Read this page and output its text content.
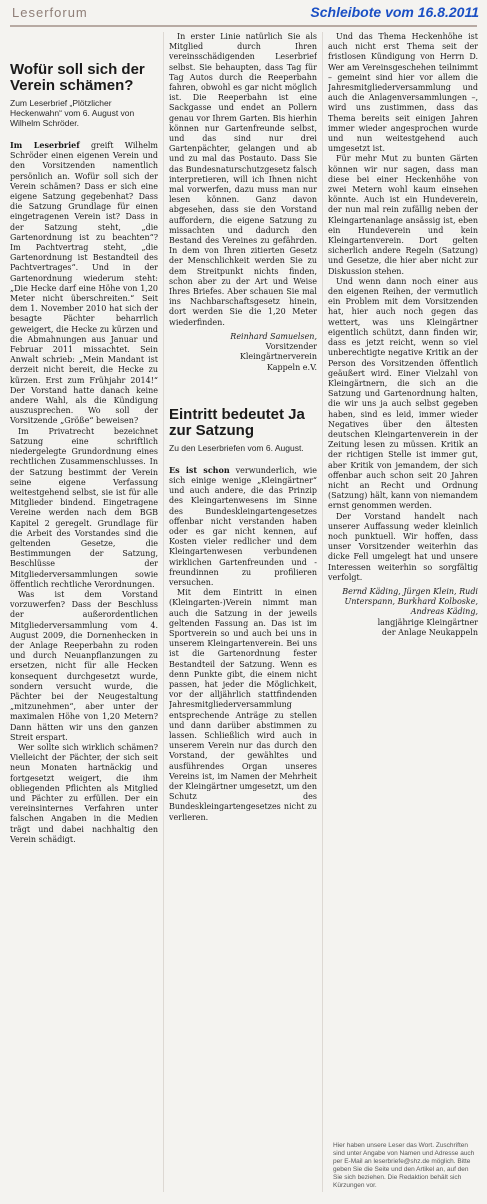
Leserforum	Schleibote vom 16.8.2011
Wofür soll sich der Verein schämen?
Zum Leserbrief „Plötzlicher Heckenwahn“ vom 6. August von Wilhelm Schröder.

Im Leserbrief greift Wilhelm Schröder einen eigenen Verein und den Vorsitzenden namentlich persönlich an. Wofür soll sich der Verein schämen? Dass er sich eine eigene Satzung gegebenhat? Dass die Satzung Grundlage für einen eingetragenen Verein ist? Dass in der Satzung steht, „die Gartenordnung ist zu beachten“? Im Pachtvertrag steht, „die Gartenordnung ist Bestandteil des Pachtvertrages“. Und in der Gartenordnung wiederum steht: „Die Hecke darf eine Höhe von 1,20 Meter nicht überschreiten.“ Seit dem 1. November 2010 hat sich der besagte Pächter beharrlich geweigert, die Hecke zu kürzen und die Abmahnungen aus Januar und Februar 2011 missachtet. Sein Anwalt schrieb: „Mein Mandant ist derzeit nicht bereit, die Hecke zu kürzen. Erst zum Frühjahr 2014!“ Der Vorstand hatte danach keine andere Wahl, als die Kündigung auszusprechen. Wo soll der Vorsitzende „Größe“ beweisen?

Im Privatrecht bezeichnet Satzung eine schriftlich niedergelegte Grundordnung eines rechtlichen Zusammenschlusses. In der Satzung bestimmt der Verein seine eigene Verfassung weitestgehend selbst, sie ist für alle Mitglieder bindend. Eingetragene Vereine werden nach dem BGB Kapitel 2 geregelt. Grundlage für die Arbeit des Vorstandes sind die geltenden Gesetze, die Bestimmungen der Satzung, Beschlüsse der Mitgliederversammlungen sowie öffentlich rechtliche Verordnungen.

Was ist dem Vorstand vorzuwerfen? Dass der Beschluss der außerordentlichen Mitgliederversammlung vom 4. August 2009, die Dornenhecken in der Anlage Reeperbahn zu roden und durch Neuanpflanzungen zu ersetzen, nicht für alle Hecken konsequent durchgesetzt wurde, sondern versucht wurde, die Pächter bei der Neugestaltung „mitzunehmen“, aber unter der maximalen Höhe von 1,20 Metern? Dann hätten wir uns den ganzen Streit erspart.

Wer sollte sich wirklich schämen? Vielleicht der Pächter, der sich seit neun Monaten hartnäckig und fortgesetzt weigert, die ihm obliegenden Pflichten als Mitglied und Pächter zu erfüllen. Der ein vereinsinternes Verfahren unter falschen Angaben in die Medien trägt und dabei nachhaltig den Verein schädigt.

In erster Linie natürlich Sie als Mitglied durch Ihren vereinsschädigenden Leserbrief selbst. Sie behaupten, dass Tag für Tag Autos durch die Reeperbahn fahren, obwohl es gar nicht möglich ist. Die Reeperbahn ist eine Sackgasse und endet an Pollern genau vor Ihrem Garten. Bis hierhin können nur Gartenfreunde selbst, und das sind nur drei Gartenpächter, gelangen und ab und zu mal das Postauto. Dass Sie das Bundesnaturschutzgesetz falsch interpretieren, will ich Ihnen nicht mal vorwerfen, dazu muss man nur lesen können. Ganz davon abgesehen, dass sie den Vorstand auffordern, die eigene Satzung zu missachten und dadurch den Bestand des Vereines zu gefährden. In dem von Ihren zitierten Gesetz der Menschlichkeit werden Sie zu dem Streitpunkt nichts finden, schon aber zu der Art und Weise Ihres Briefes. Aber schauen Sie mal ins Nachbarschaftsgesetz hinein, dort werden Sie die 1,20 Meter wiederfinden.

Reinhard Samuelsen,

Vorsitzender

Kleingärtnerverein

Kappeln e.V.

Eintritt bedeutet Ja zur Satzung
Zu den Leserbriefen vom 6. August.

Es ist schon verwunderlich, wie sich einige wenige „Kleingärtner“ und auch andere, die das Prinzip des Kleingartenwesens im Sinne des Bundeskleingartengesetzes offenbar nicht verstanden haben oder es gar nicht kennen, auf Kosten vieler redlicher und dem Kleingartenwesen verbundenen wirklichen Gartenfreunden und -freundinnen zu profilieren versuchen.

Mit dem Eintritt in einen (Kleingarten-)Verein nimmt man auch die Satzung in der jeweils geltenden Fassung an. Das ist im Sportverein so und auch bei uns in unserem Kleingartenverein. Bei uns ist die Gartenordnung fester Bestandteil der Satzung. Wenn es denn Punkte gibt, die einem nicht passen, hat jeder die Möglichkeit, vor der alljährlich stattfindenden Jahresmitgliederversammlung entsprechende Anträge zu stellen und dann darüber abstimmen zu lassen. Schließlich wird auch in unserem Verein nur das durch den Vorstand, der gewähltes und ausführendes Organ unseres Vereins ist, im Namen der Mehrheit der Kleingärtner umgesetzt, um den Schutz des Bundeskleingartengesetzes nicht zu verlieren.

Und das Thema Heckenhöhe ist auch nicht erst Thema seit der fristlosen Kündigung von Herrn D. Wer am Vereinsgeschehen teilnimmt – gemeint sind hier vor allem die Jahresmitgliederversammlung und auch die Anlagenversammlungen –, wird uns zustimmen, dass das Thema bereits seit einigen Jahren immer wieder angesprochen wurde und nun weitestgehend auch umgesetzt ist.

Für mehr Mut zu bunten Gärten können wir nur sagen, dass man diese bei einer Heckenhöhe von zwei Metern wohl kaum einsehen könnte. Auch ist ein Hundeverein, der nun mal rein zufällig neben der Kleingartenanlage ansässig ist, eben ein Hundeverein und kein Kleingartenverein. Dort gelten sicherlich andere Regeln (Satzung) und Gesetze, die hier aber nicht zur Diskussion stehen.

Und wenn dann noch einer aus den eigenen Reihen, der vermutlich ein Problem mit dem Vorsitzenden hat, hier auch noch gegen das wettert, was uns Kleingärtner eigentlich schützt, dann finden wir, dass es jetzt reicht, wenn so viel unberechtigte negative Kritik an der Person des Vorsitzenden öffentlich geäußert wird. Einer Vielzahl von Kleingärtnern, die sich an die Satzung und Gartenordnung halten, die wir uns ja auch selbst gegeben haben, sind es leid, immer wieder Negatives über den ältesten deutschen Kleingartenverein in der Zeitung lesen zu müssen. Kritik an der richtigen Stelle ist immer gut, aber Kritik von jemandem, der sich offenbar auch schon seit 20 Jahren nicht an Recht und Ordnung (Satzung) hält, kann von niemandem ernst genommen werden.

Der Vorstand handelt nach unserer Auffassung weder kleinlich noch punktuell. Wir hoffen, dass unser Vorsitzender weiterhin das dicke Fell umgelegt hat und unsere Interessen weiterhin so sorgfältig verfolgt.

Bernd Käding, Jürgen Klein, Rudi Unterspann, Burkhard Kolboske, Andreas Käding,

langjährige Kleingärtner

der Anlage Neukappeln

Hier haben unsere Leser das Wort. Zuschriften sind unter Angabe von Namen und Adresse auch per E-Mail an leserbriefe@shz.de möglich. Bitte geben Sie die Seite und den Artikel an, auf den Sie sich beziehen. Die Redaktion behält sich Kürzungen vor.
